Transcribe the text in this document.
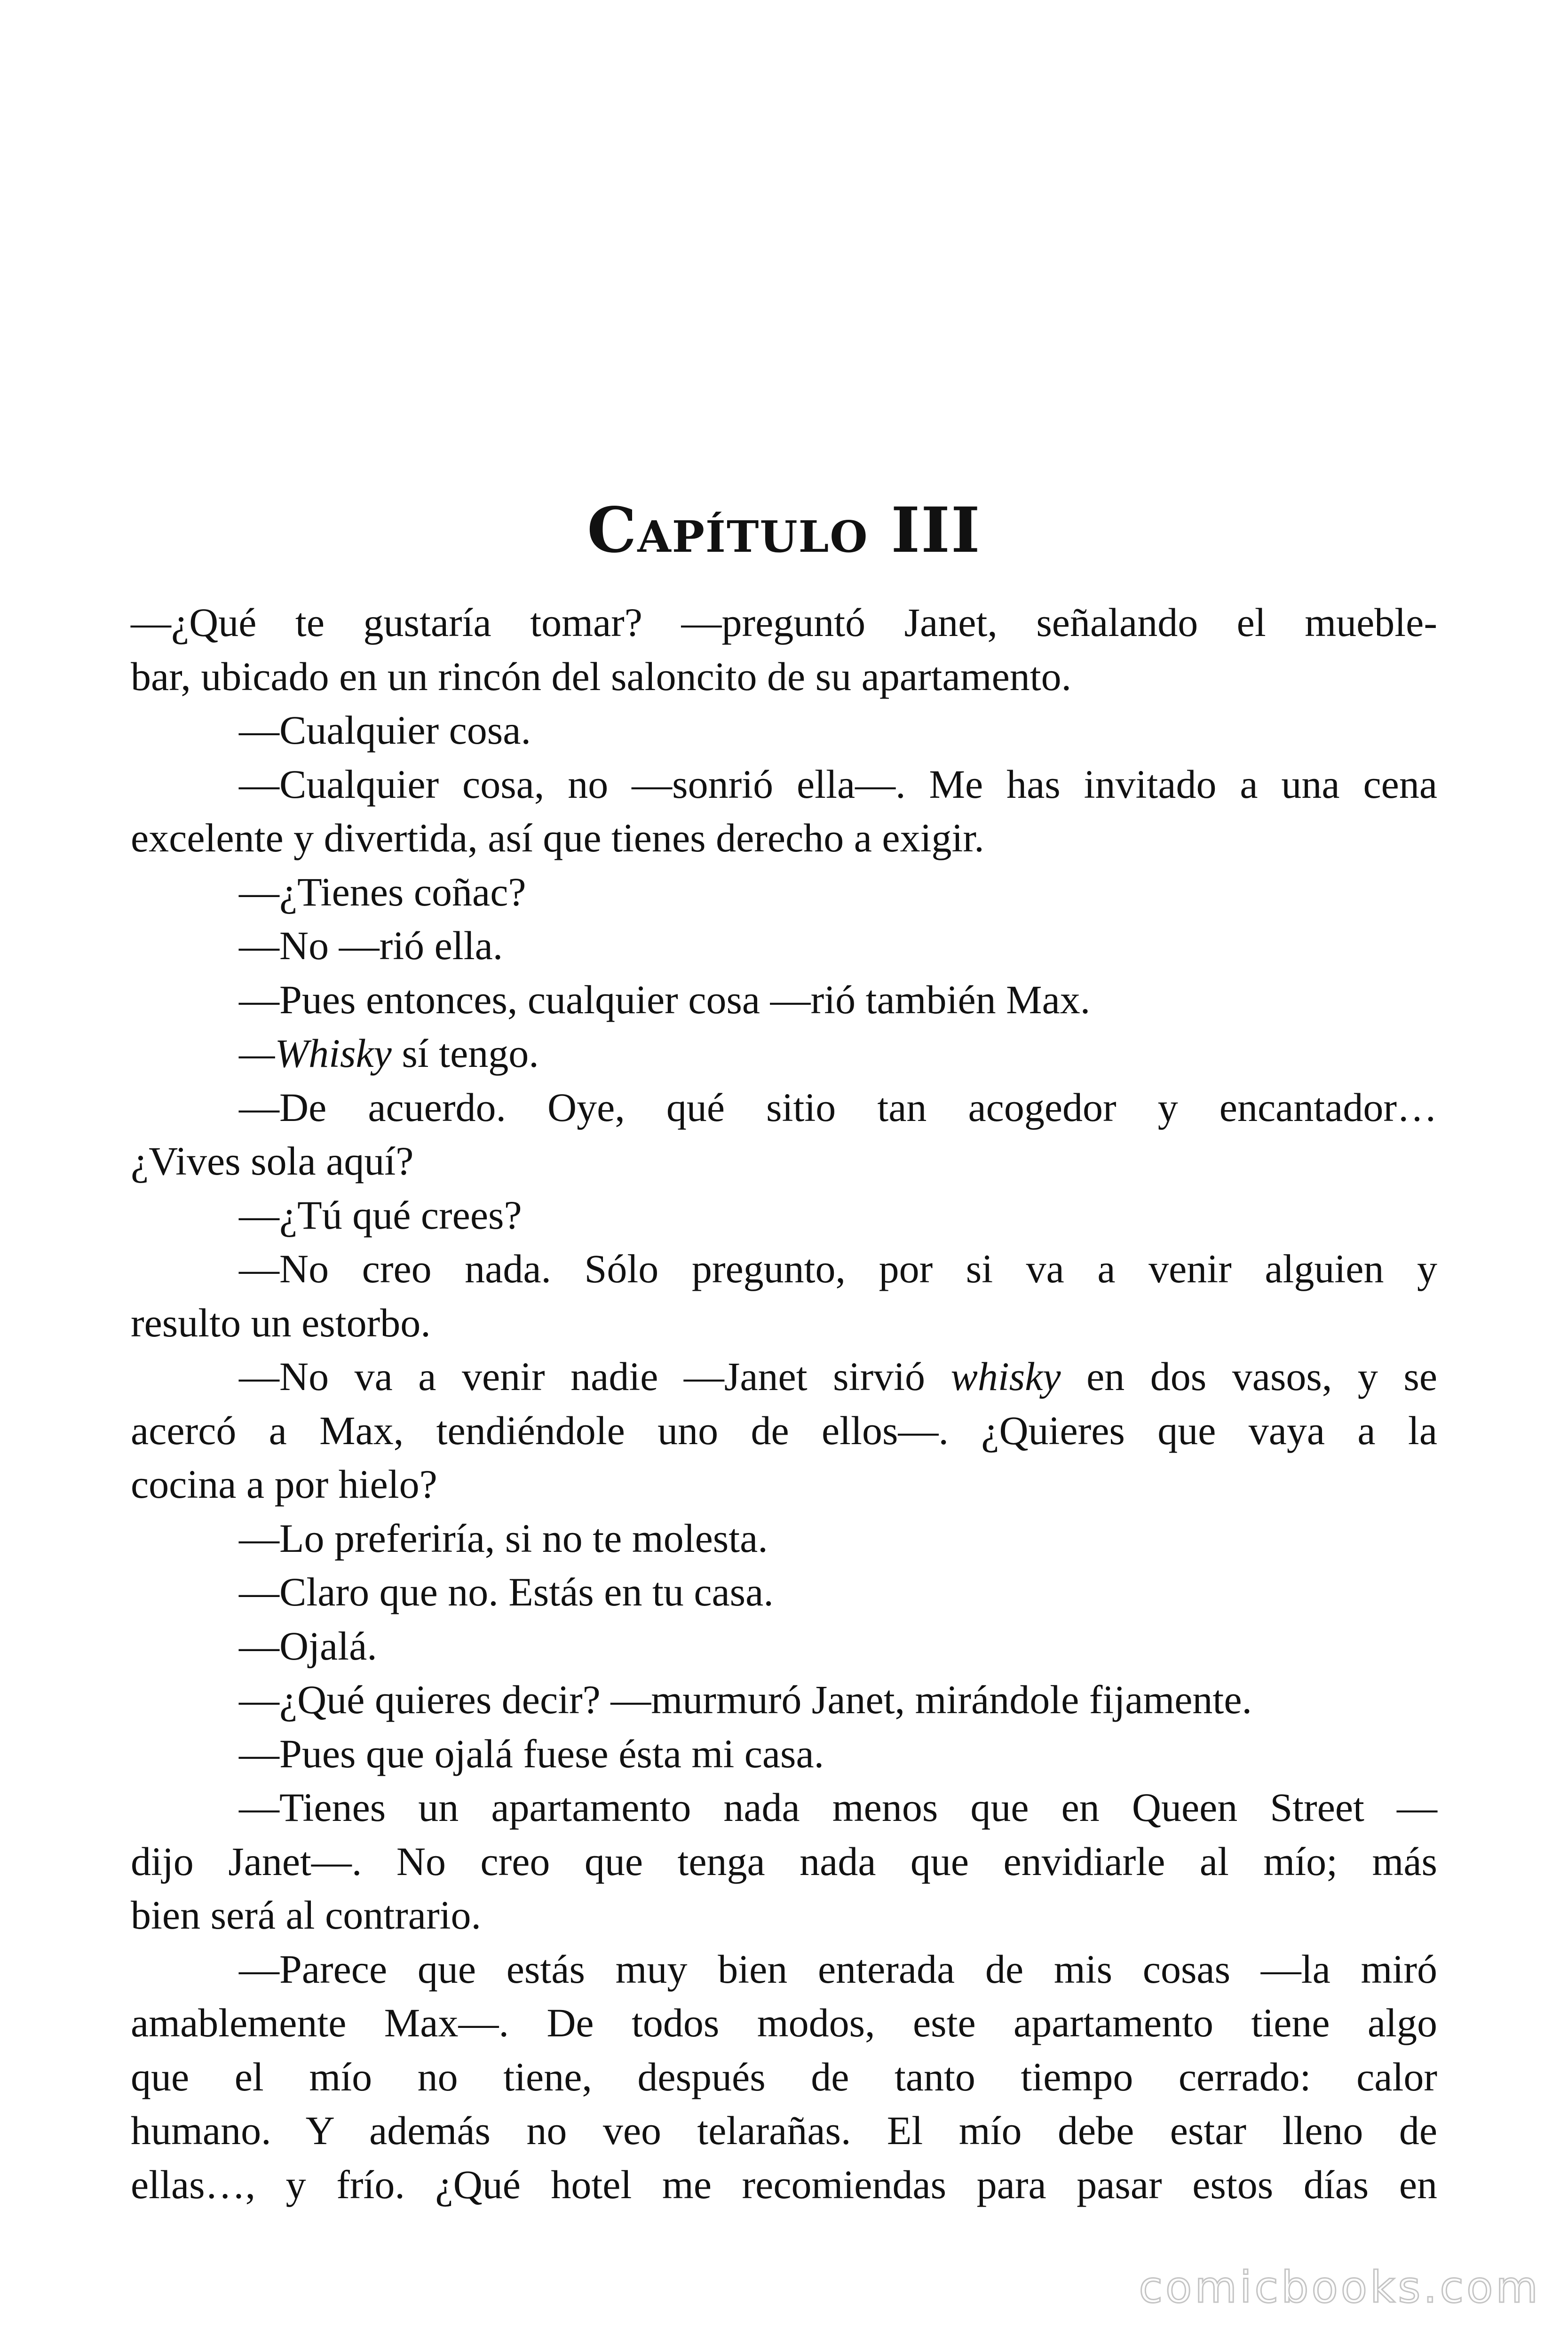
Capítulo III

—¿Qué te gustaría tomar? —preguntó Janet, señalando el mueble-
bar, ubicado en un rincón del saloncito de su apartamento.

—Cualquier cosa.

—Cualquier cosa, no —sonrió ella—. Me has invitado a una cena
excelente y divertida, así que tienes derecho a exigir.

—¿Tienes coñac?

—No —rió ella.

—Pues entonces, cualquier cosa —rió también Max.

—Whisky sí tengo.

—De acuerdo. Oye, qué sitio tan acogedor y encantador…
¿Vives sola aquí?

—¿Tú qué crees?

—No creo nada. Sólo pregunto, por si va a venir alguien y
resulto un estorbo.

—No va a venir nadie —Janet sirvió whisky en dos vasos, y se
acercó a Max, tendiéndole uno de ellos—. ¿Quieres que vaya a la
cocina a por hielo?

—Lo preferiría, si no te molesta.

—Claro que no. Estás en tu casa.

—Ojalá.

—¿Qué quieres decir? —murmuró Janet, mirándole fijamente.

—Pues que ojalá fuese ésta mi casa.

—Tienes un apartamento nada menos que en Queen Street —
dijo Janet—. No creo que tenga nada que envidiarle al mío; más
bien será al contrario.

—Parece que estás muy bien enterada de mis cosas —la miró
amablemente Max—. De todos modos, este apartamento tiene algo
que el mío no tiene, después de tanto tiempo cerrado: calor
humano. Y además no veo telarañas. El mío debe estar lleno de
ellas…, y frío. ¿Qué hotel me recomiendas para pasar estos días en

comicbooks.com
